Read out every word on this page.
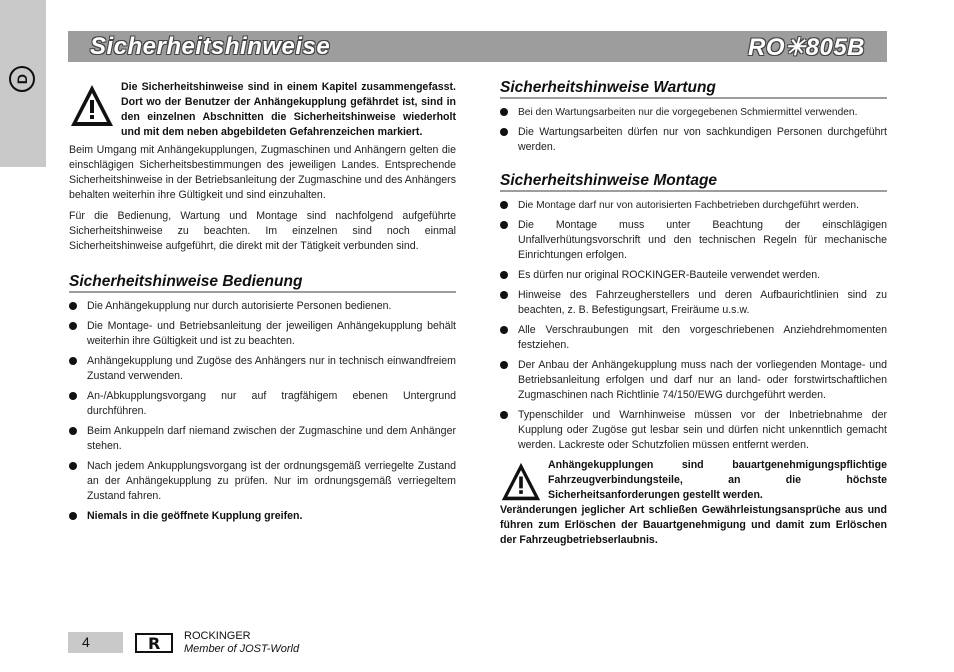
D
Sicherheitshinweise	RO✳805B
Die Sicherheitshinweise sind in einem Kapitel zusammengefasst. Dort wo der Benutzer der Anhängekupplung gefährdet ist, sind in den einzelnen Abschnitten die Sicherheitshinweise wiederholt und mit dem neben abgebildeten Gefahrenzeichen markiert.
Beim Umgang mit Anhängekupplungen, Zugmaschinen und Anhängern gelten die einschlägigen Sicherheitsbestimmungen des jeweiligen Landes. Entsprechende Sicherheitshinweise in der Betriebsanleitung der Zugmaschine und des Anhängers behalten weiterhin ihre Gültigkeit und sind einzuhalten.
Für die Bedienung, Wartung und Montage sind nachfolgend aufgeführte Sicherheitshinweise zu beachten. Im einzelnen sind noch einmal Sicherheitshinweise aufgeführt, die direkt mit der Tätigkeit verbunden sind.
Sicherheitshinweise Bedienung
Die Anhängekupplung nur durch autorisierte Personen bedienen.
Die Montage- und Betriebsanleitung der jeweiligen Anhängekupplung behält weiterhin ihre Gültigkeit und ist zu beachten.
Anhängekupplung und Zugöse des Anhängers nur in technisch einwandfreiem Zustand verwenden.
An-/Abkupplungsvorgang nur auf tragfähigem ebenen Untergrund durchführen.
Beim Ankuppeln darf niemand zwischen der Zugmaschine und dem Anhänger stehen.
Nach jedem Ankupplungsvorgang ist der ordnungsgemäß verriegelte Zustand an der Anhängekupplung zu prüfen. Nur im ordnungsgemäß verriegeltem Zustand fahren.
Niemals in die geöffnete Kupplung greifen.
Sicherheitshinweise Wartung
Bei den Wartungsarbeiten nur die vorgegebenen Schmiermittel verwenden.
Die Wartungsarbeiten dürfen nur von sachkundigen Personen durchgeführt werden.
Sicherheitshinweise Montage
Die Montage darf nur von autorisierten Fachbetrieben durchgeführt werden.
Die Montage muss unter Beachtung der einschlägigen Unfallverhütungsvorschrift und den technischen Regeln für mechanische Einrichtungen erfolgen.
Es dürfen nur original ROCKINGER-Bauteile verwendet werden.
Hinweise des Fahrzeugherstellers und deren Aufbaurichtlinien sind zu beachten, z. B. Befestigungsart, Freiräume u.s.w.
Alle Verschraubungen mit den vorgeschriebenen Anziehdrehmomenten festziehen.
Der Anbau der Anhängekupplung muss nach der vorliegenden Montage- und Betriebsanleitung erfolgen und darf nur an land- oder forstwirtschaftlichen Zugmaschinen nach Richtlinie 74/150/EWG durchgeführt werden.
Typenschilder und Warnhinweise müssen vor der Inbetriebnahme der Kupplung oder Zugöse gut lesbar sein und dürfen nicht unkenntlich gemacht werden. Lackreste oder Schutzfolien müssen entfernt werden.
Anhängekupplungen sind bauartgenehmigungspflichtige Fahrzeugverbindungsteile, an die höchste Sicherheitsanforderungen gestellt werden.
Veränderungen jeglicher Art schließen Gewährleistungsansprüche aus und führen zum Erlöschen der Bauartgenehmigung und damit zum Erlöschen der Fahrzeugbetriebserlaubnis.
4	R ROCKINGER
Member of JOST-World
